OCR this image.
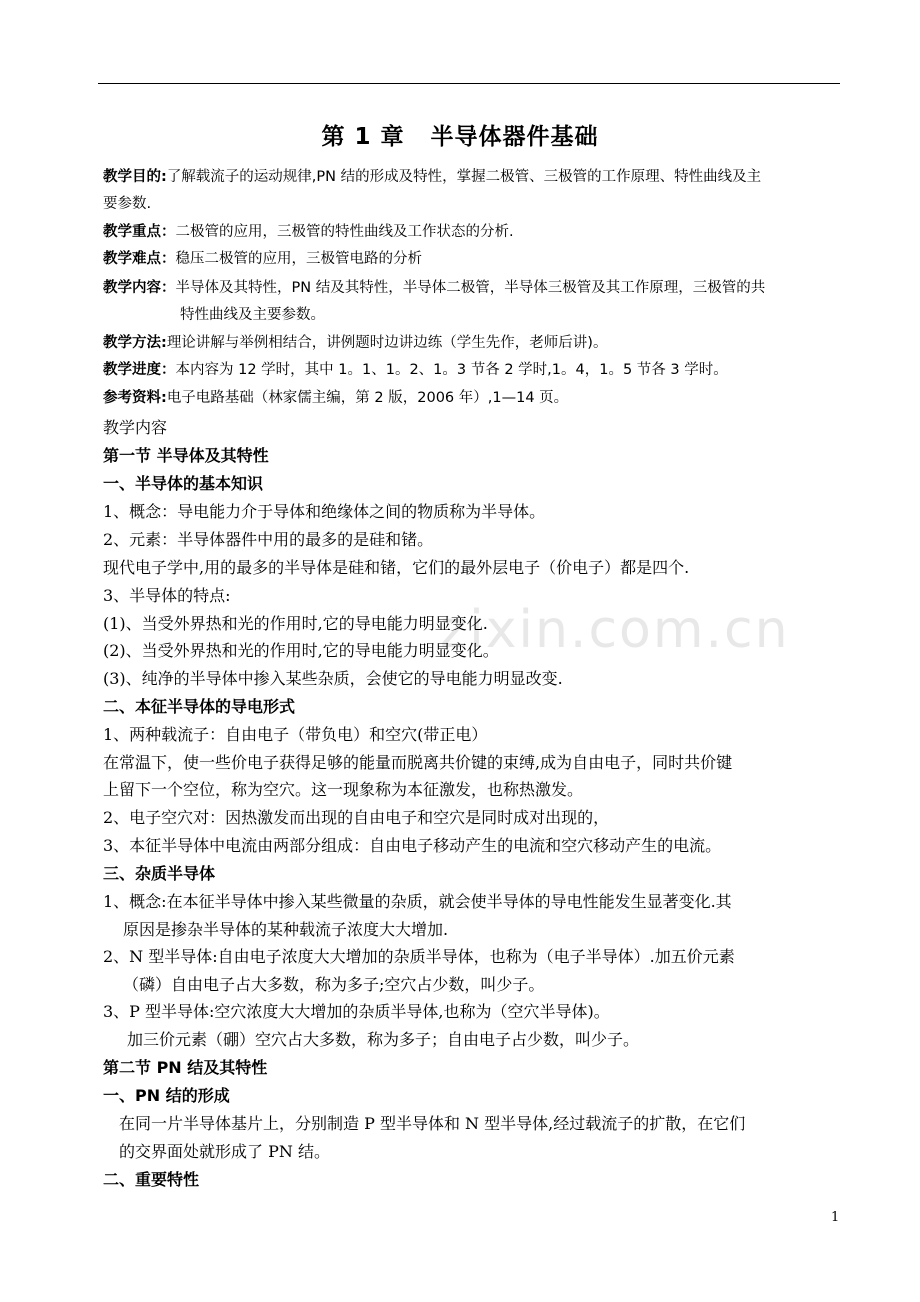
第 1 章 半导体器件基础
zixin.com.cn
教学目的:了解载流子的运动规律,PN 结的形成及特性，掌握二极管、三极管的工作原理、特性曲线及主
要参数.
教学重点：二极管的应用，三极管的特性曲线及工作状态的分析.
教学难点：稳压二极管的应用，三极管电路的分析
教学内容：半导体及其特性，PN 结及其特性，半导体二极管，半导体三极管及其工作原理，三极管的共
特性曲线及主要参数。
教学方法:理论讲解与举例相结合，讲例题时边讲边练（学生先作，老师后讲)。
教学进度：本内容为 12 学时，其中 1。1、1。2、1。3 节各 2 学时,1。4，1。5 节各 3 学时。
参考资料:电子电路基础（林家儒主编，第 2 版，2006 年）,1—14 页。
教学内容
第一节 半导体及其特性
一、半导体的基本知识
1、概念：导电能力介于导体和绝缘体之间的物质称为半导体。
2、元素：半导体器件中用的最多的是硅和锗。
现代电子学中,用的最多的半导体是硅和锗，它们的最外层电子（价电子）都是四个.
3、半导体的特点:
(1)、当受外界热和光的作用时,它的导电能力明显变化.
(2)、当受外界热和光的作用时,它的导电能力明显变化。
(3)、纯净的半导体中掺入某些杂质，会使它的导电能力明显改变.
二、本征半导体的导电形式
1、两种载流子：自由电子（带负电）和空穴(带正电）
在常温下，使一些价电子获得足够的能量而脱离共价键的束缚,成为自由电子，同时共价键
上留下一个空位，称为空穴。这一现象称为本征激发，也称热激发。
2、电子空穴对：因热激发而出现的自由电子和空穴是同时成对出现的，
3、本征半导体中电流由两部分组成：自由电子移动产生的电流和空穴移动产生的电流。
三、杂质半导体
1、概念:在本征半导体中掺入某些微量的杂质，就会使半导体的导电性能发生显著变化.其
原因是掺杂半导体的某种载流子浓度大大增加.
2、N 型半导体:自由电子浓度大大增加的杂质半导体，也称为（电子半导体）.加五价元素
（磷）自由电子占大多数，称为多子;空穴占少数，叫少子。
3、P 型半导体:空穴浓度大大增加的杂质半导体,也称为（空穴半导体)。
加三价元素（硼）空穴占大多数，称为多子；自由电子占少数，叫少子。
第二节 PN 结及其特性
一、PN 结的形成
在同一片半导体基片上，分别制造 P 型半导体和 N 型半导体,经过载流子的扩散，在它们
的交界面处就形成了 PN 结。
二、重要特性
1
